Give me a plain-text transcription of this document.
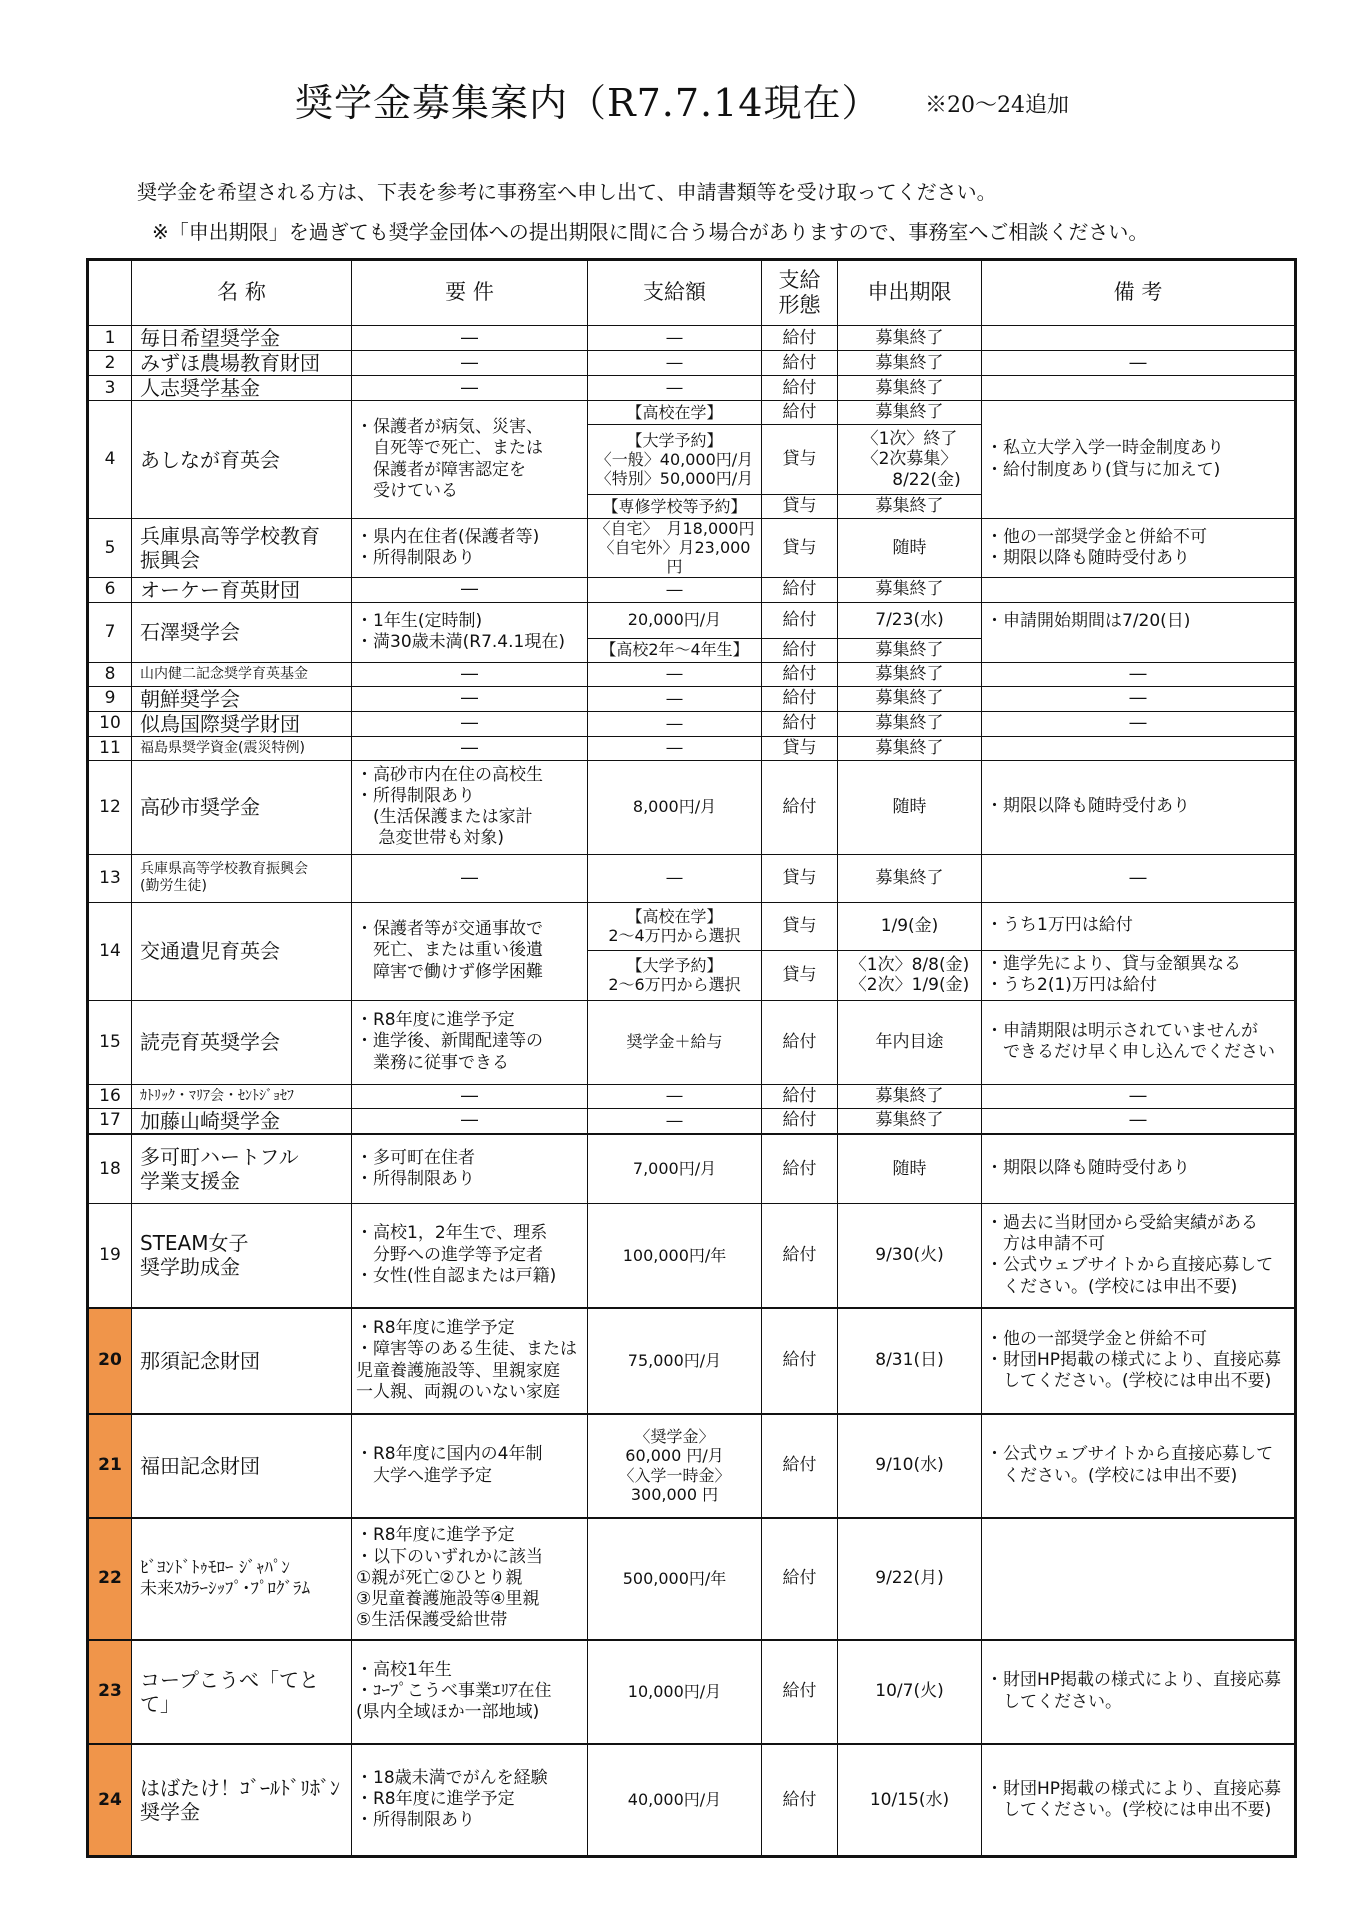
奨学金募集案内（R7.7.14現在） ※20～24追加
奨学金を希望される方は、下表を参考に事務室へ申し出て、申請書類等を受け取ってください。
※「申出期限」を過ぎても奨学金団体への提出期限に間に合う場合がありますので、事務室へご相談ください。
	名 称	要 件	支給額	支給
形態	申出期限	備 考
1	毎日希望奨学金	―	―	給付	募集終了	
2	みずほ農場教育財団	―	―	給付	募集終了	―
3	人志奨学基金	―	―	給付	募集終了	
4	あしなが育英会	・保護者が病気、災害、
　自死等で死亡、または
　保護者が障害認定を
　受けている	【高校在学】	給付	募集終了	・私立大学入学一時金制度あり
・給付制度あり(貸与に加えて)
			【大学予約】
〈一般〉40,000円/月
〈特別〉50,000円/月	貸与	〈1次〉終了
〈2次募集〉
　　8/22(金)	
			【専修学校等予約】	貸与	募集終了	
5	兵庫県高等学校教育
振興会	・県内在住者(保護者等)
・所得制限あり	〈自宅〉　月18,000円
〈自宅外〉月23,000円	貸与	随時	・他の一部奨学金と併給不可
・期限以降も随時受付あり
6	オーケー育英財団	―	―	給付	募集終了	
7	石澤奨学会	・1年生(定時制)
・満30歳未満(R7.4.1現在)	20,000円/月	給付	7/23(水)	・申請開始期間は7/20(日)
			【高校2年～4年生】	給付	募集終了	
8	山内健二記念奨学育英基金	―	―	給付	募集終了	―
9	朝鮮奨学会	―	―	給付	募集終了	―
10	似鳥国際奨学財団	―	―	給付	募集終了	―
11	福島県奨学資金(震災特例)	―	―	貸与	募集終了	
12	高砂市奨学金	・高砂市内在住の高校生
・所得制限あり
　(生活保護または家計
　 急変世帯も対象)	8,000円/月	給付	随時	・期限以降も随時受付あり
13	兵庫県高等学校教育振興会
(勤労生徒)	―	―	貸与	募集終了	―
14	交通遺児育英会	・保護者等が交通事故で
　死亡、または重い後遺
　障害で働けず修学困難	【高校在学】
2～4万円から選択	貸与	1/9(金)	・うち1万円は給付
			【大学予約】
2～6万円から選択	貸与	〈1次〉8/8(金)
〈2次〉1/9(金)	・進学先により、貸与金額異なる
・うち2(1)万円は給付
15	読売育英奨学会	・R8年度に進学予定
・進学後、新聞配達等の
　業務に従事できる	奨学金＋給与	給付	年内目途	・申請期限は明示されていませんが
　できるだけ早く申し込んでください
16	ｶﾄﾘｯｸ・ﾏﾘｱ会・ｾﾝﾄｼﾞｮｾﾌ	―	―	給付	募集終了	―
17	加藤山崎奨学金	―	―	給付	募集終了	―
18	多可町ハートフル
学業支援金	・多可町在住者
・所得制限あり	7,000円/月	給付	随時	・期限以降も随時受付あり
19	STEAM女子
奨学助成金	・高校1，2年生で、理系
　分野への進学等予定者
・女性(性自認または戸籍)	100,000円/年	給付	9/30(火)	・過去に当財団から受給実績がある
　方は申請不可
・公式ウェブサイトから直接応募して
　ください。(学校には申出不要)
20	那須記念財団	・R8年度に進学予定
・障害等のある生徒、または
児童養護施設等、里親家庭
一人親、両親のいない家庭	75,000円/月	給付	8/31(日)	・他の一部奨学金と併給不可
・財団HP掲載の様式により、直接応募
　してください。(学校には申出不要)
21	福田記念財団	・R8年度に国内の4年制
　大学へ進学予定	〈奨学金〉
60,000 円/月
〈入学一時金〉
300,000 円	給付	9/10(水)	・公式ウェブサイトから直接応募して
　ください。(学校には申出不要)
22	ﾋﾞﾖﾝﾄﾞﾄｩﾓﾛｰ ｼﾞｬﾊﾟﾝ
未来ｽｶﾗｰｼｯﾌﾟ･ﾌﾟﾛｸﾞﾗﾑ	・R8年度に進学予定
・以下のいずれかに該当
①親が死亡②ひとり親
③児童養護施設等④里親
⑤生活保護受給世帯	500,000円/年	給付	9/22(月)	
23	コープこうべ「てとて」	・高校1年生
・ｺｰﾌﾟこうべ事業ｴﾘｱ在住
(県内全域ほか一部地域)	10,000円/月	給付	10/7(火)	・財団HP掲載の様式により、直接応募
　してください。
24	はばたけ！ｺﾞｰﾙﾄﾞﾘﾎﾞﾝ
奨学金	・18歳未満でがんを経験
・R8年度に進学予定
・所得制限あり	40,000円/月	給付	10/15(水)	・財団HP掲載の様式により、直接応募
　してください。(学校には申出不要)
